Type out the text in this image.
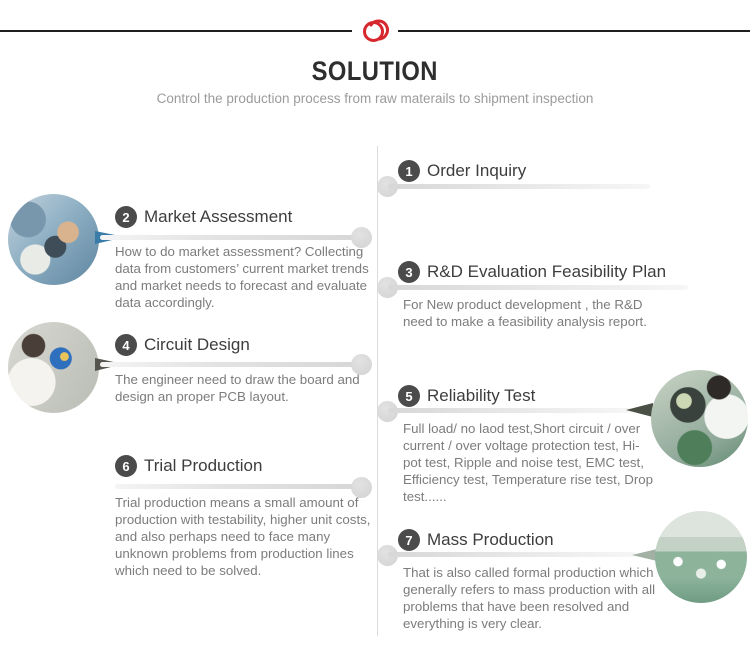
SOLUTION
Control the production process from raw materails to shipment inspection
1 Order Inquiry
2 Market Assessment

How to do market assessment? Collecting data from customers’ current market trends and market needs to forecast and evaluate data accordingly.

3 R&D Evaluation Feasibility Plan

For New product development , the R&D need to make a feasibility analysis report.

4 Circuit Design

The engineer need to draw the board and design an proper PCB layout.	5 Reliability Test

Full load/ no laod test,Short circuit / over current / over voltage protection test, Hi-pot test, Ripple and noise test, EMC test, Efficiency test, Temperature rise test, Drop test......

6 Trial Production

Trial production means a small amount of production with testability, higher unit costs, and also perhaps need to face many unknown problems from production lines which need to be solved.

7 Mass Production

That is also called formal production which generally refers to mass production with all problems that have been resolved and everything is very clear.
